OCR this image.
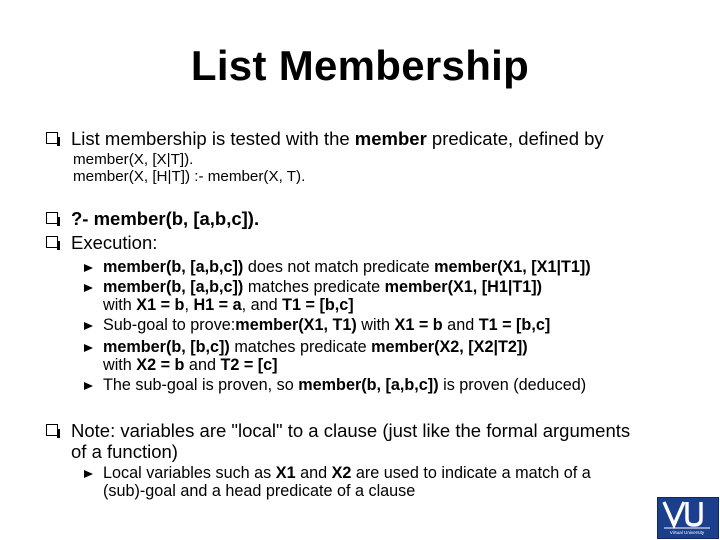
List Membership
List membership is tested with the member predicate, defined by
member(X, [X|T]).
member(X, [H|T]) :- member(X, T).
?- member(b, [a,b,c]).
Execution:
member(b, [a,b,c]) does not match predicate member(X1, [X1|T1])
member(b, [a,b,c]) matches predicate member(X1, [H1|T1])
with X1 = b, H1 = a, and T1 = [b,c]
Sub-goal to prove:member(X1, T1) with X1 = b and T1 = [b,c]
member(b, [b,c]) matches predicate member(X2, [X2|T2])
with X2 = b and T2 = [c]
The sub-goal is proven, so member(b, [a,b,c]) is proven (deduced)
Note: variables are "local" to a clause (just like the formal arguments
of a function)
Local variables such as X1 and X2 are used to indicate a match of a
(sub)-goal and a head predicate of a clause
Virtual University
